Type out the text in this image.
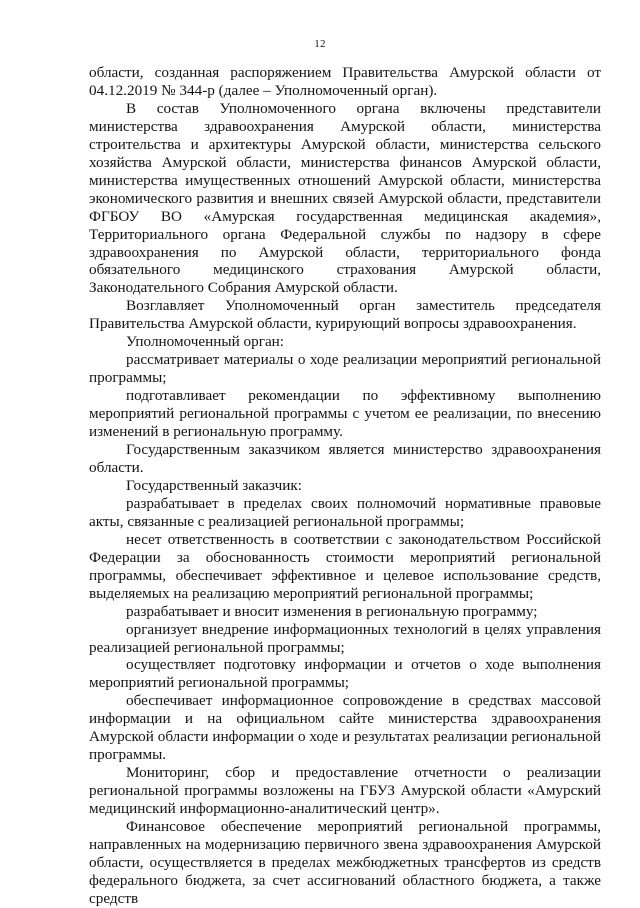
12

области, созданная распоряжением Правительства Амурской области от 04.12.2019 № 344-р (далее – Уполномоченный орган).

В состав Уполномоченного органа включены представители министерства здравоохранения Амурской области, министерства строительства и архитектуры Амурской области, министерства сельского хозяйства Амурской области, министерства финансов Амурской области, министерства имущественных отношений Амурской области, министерства экономического развития и внешних связей Амурской области, представители ФГБОУ ВО «Амурская государственная медицинская академия», Территориального органа Федеральной службы по надзору в сфере здравоохранения по Амурской области, территориального фонда обязательного медицинского страхования Амурской области, Законодательного Собрания Амурской области.

Возглавляет Уполномоченный орган заместитель председателя Правительства Амурской области, курирующий вопросы здравоохранения.

Уполномоченный орган:

рассматривает материалы о ходе реализации мероприятий региональной программы;

подготавливает рекомендации по эффективному выполнению мероприятий региональной программы с учетом ее реализации, по внесению изменений в региональную программу.

Государственным заказчиком является министерство здравоохранения области.

Государственный заказчик:

разрабатывает в пределах своих полномочий нормативные правовые акты, связанные с реализацией региональной программы;

несет ответственность в соответствии с законодательством Российской Федерации за обоснованность стоимости мероприятий региональной программы, обеспечивает эффективное и целевое использование средств, выделяемых на реализацию мероприятий региональной программы;

разрабатывает и вносит изменения в региональную программу;

организует внедрение информационных технологий в целях управления реализацией региональной программы;

осуществляет подготовку информации и отчетов о ходе выполнения мероприятий региональной программы;

обеспечивает информационное сопровождение в средствах массовой информации и на официальном сайте министерства здравоохранения Амурской области информации о ходе и результатах реализации региональной программы.

Мониторинг, сбор и предоставление отчетности о реализации региональной программы возложены на ГБУЗ Амурской области «Амурский медицинский информационно-аналитический центр».

Финансовое обеспечение мероприятий региональной программы, направленных на модернизацию первичного звена здравоохранения Амурской области, осуществляется в пределах межбюджетных трансфертов из средств федерального бюджета, за счет ассигнований областного бюджета, а также средств
